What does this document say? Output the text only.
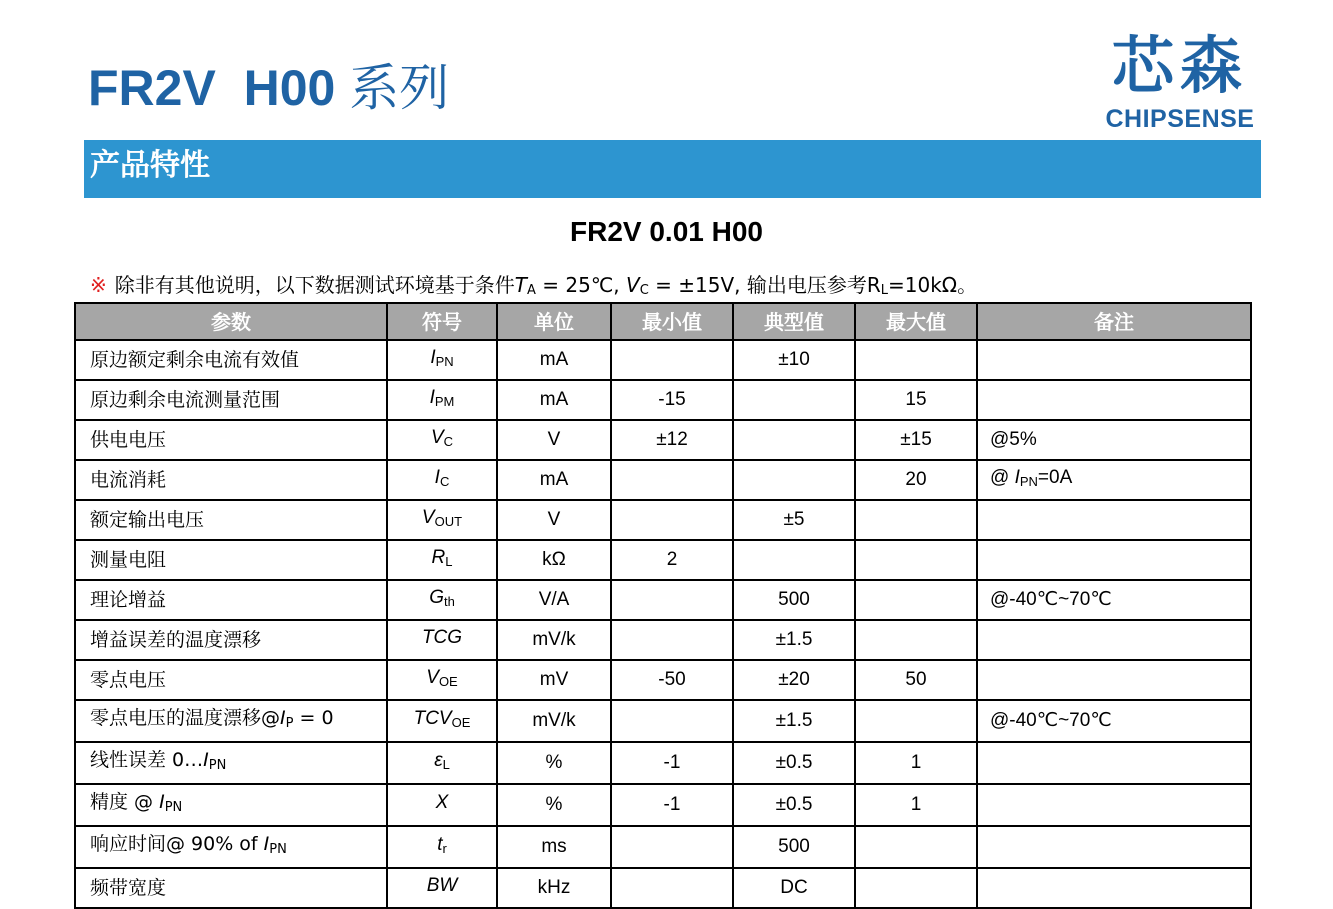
FR2V  H00 系列	芯森
CHIPSENSE
产品特性
FR2V 0.01 H00
※ 除非有其他说明，以下数据测试环境基于条件$T_A$ = 25℃, $V_C = \pm 15V$, 输出电压参考$R_L=10k\Omega$。
参数	符号	单位	最小值	典型值	最大值	备注
原边额定剩余电流有效值	$I_{PN}$	mA		±10		
原边剩余电流测量范围	$I_{PM}$	mA	-15		15	
供电电压	$V_C$	V	±12		±15	@5%
电流消耗	$I_C$	mA			20	@ $I_{PN}=0A$
额定输出电压	$V_{OUT}$	V		±5		
测量电阻	$R_L$	kΩ	2			
理论增益	$G_{th}$	V/A		500		@-40℃~70℃
增益误差的温度漂移	TCG	mV/k		±1.5		
零点电压	$V_{OE}$	mV	-50	±20	50	
零点电压的温度漂移$@I_P = 0$	$TCV_{OE}$	mV/k		±1.5		@-40℃~70℃
线性误差 $0\dots I_{PN}$	$\varepsilon_L$	%	-1	±0.5	1	
精度 @ $I_{PN}$	X	%	-1	±0.5	1	
响应时间@ 90% of $I_{PN}$	$t_r$	ms		500		
频带宽度	BW	kHz		DC		
